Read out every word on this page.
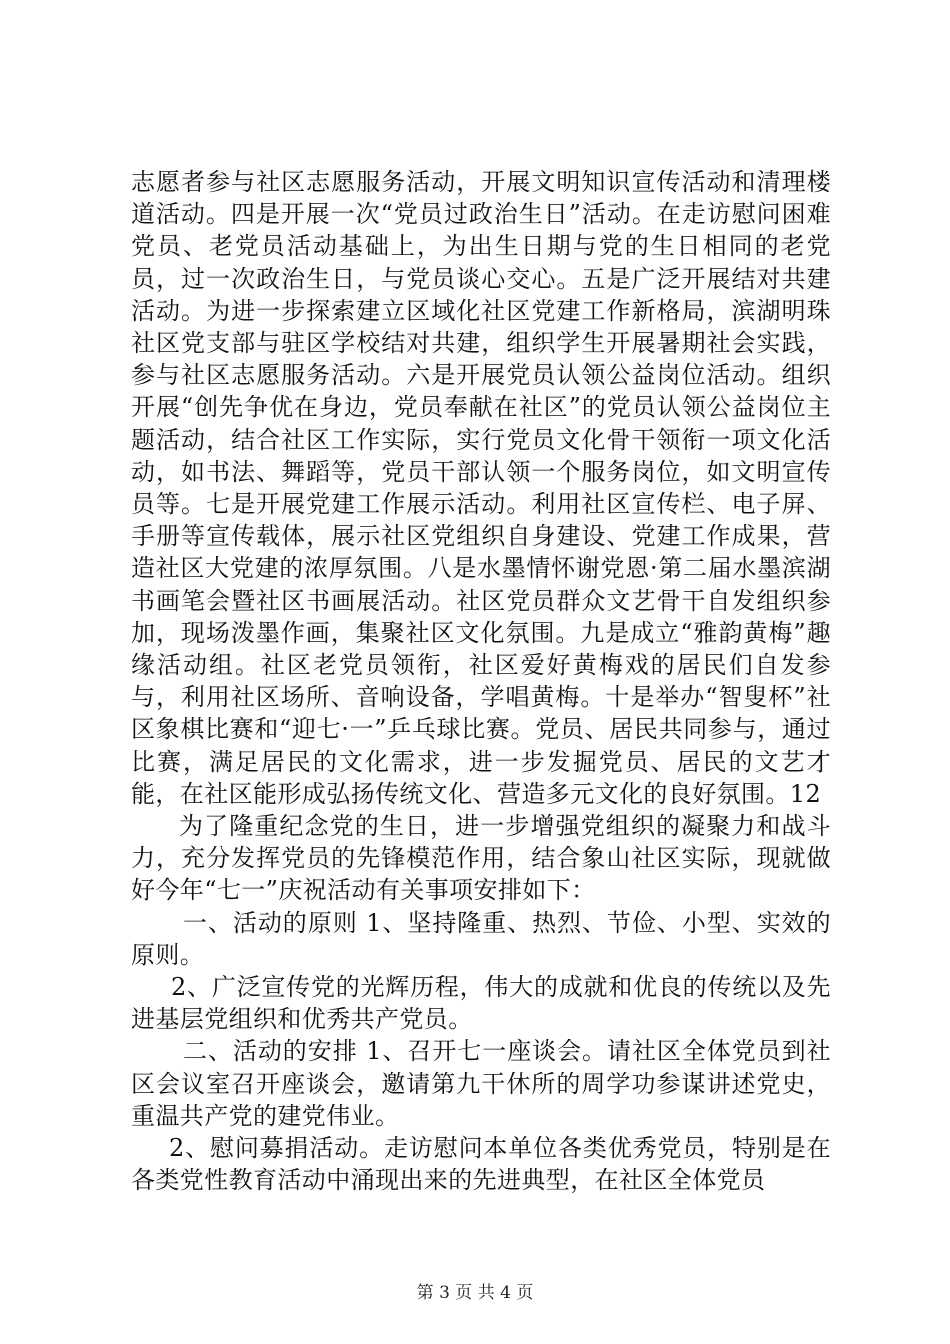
志愿者参与社区志愿服务活动，开展文明知识宣传活动和清理楼道活动。四是开展一次“党员过政治生日”活动。在走访慰问困难党员、老党员活动基础上，为出生日期与党的生日相同的老党员，过一次政治生日，与党员谈心交心。五是广泛开展结对共建活动。为进一步探索建立区域化社区党建工作新格局，滨湖明珠社区党支部与驻区学校结对共建，组织学生开展暑期社会实践，参与社区志愿服务活动。六是开展党员认领公益岗位活动。组织开展“创先争优在身边，党员奉献在社区”的党员认领公益岗位主题活动，结合社区工作实际，实行党员文化骨干领衔一项文化活动，如书法、舞蹈等，党员干部认领一个服务岗位，如文明宣传员等。七是开展党建工作展示活动。利用社区宣传栏、电子屏、手册等宣传载体，展示社区党组织自身建设、党建工作成果，营造社区大党建的浓厚氛围。八是水墨情怀谢党恩·第二届水墨滨湖书画笔会暨社区书画展活动。社区党员群众文艺骨干自发组织参加，现场泼墨作画，集聚社区文化氛围。九是成立“雅韵黄梅”趣缘活动组。社区老党员领衔，社区爱好黄梅戏的居民们自发参与，利用社区场所、音响设备，学唱黄梅。十是举办“智叟杯”社区象棋比赛和“迎七·一”乒乓球比赛。党员、居民共同参与，通过比赛，满足居民的文化需求，进一步发掘党员、居民的文艺才能，在社区能形成弘扬传统文化、营造多元文化的良好氛围。12

为了隆重纪念党的生日，进一步增强党组织的凝聚力和战斗力，充分发挥党员的先锋模范作用，结合象山社区实际，现就做好今年“七一”庆祝活动有关事项安排如下：

一、活动的原则 1、坚持隆重、热烈、节俭、小型、实效的原则。

2、广泛宣传党的光辉历程，伟大的成就和优良的传统以及先进基层党组织和优秀共产党员。

二、活动的安排 1、召开七一座谈会。请社区全体党员到社区会议室召开座谈会，邀请第九干休所的周学功参谋讲述党史，重温共产党的建党伟业。

2、慰问募捐活动。走访慰问本单位各类优秀党员，特别是在各类党性教育活动中涌现出来的先进典型，在社区全体党员

第 3 页 共 4 页
